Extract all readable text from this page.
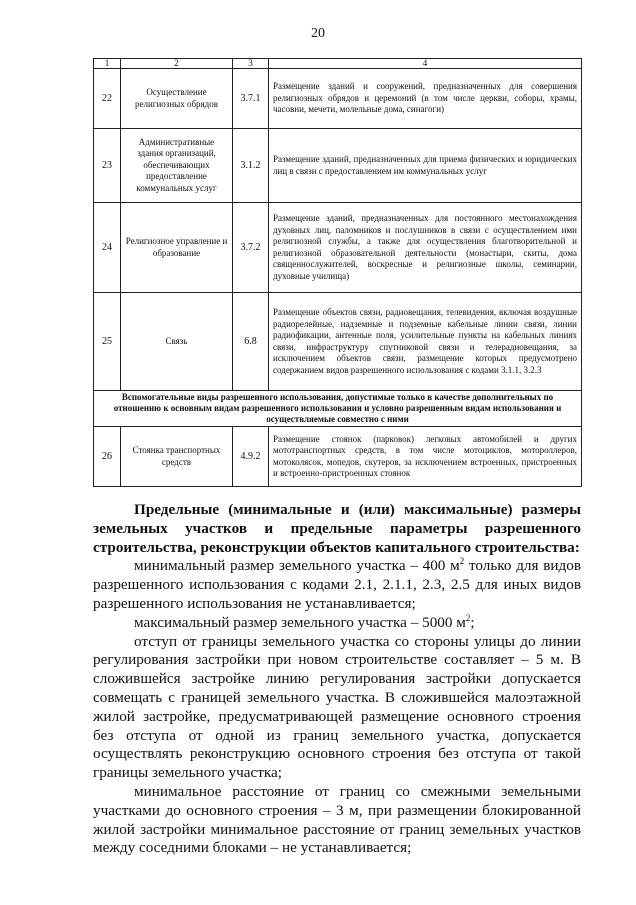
20
1	2	3	4
22	Осуществление религиозных обрядов	3.7.1	Размещение зданий и сооружений, предназначенных для совершения религиозных обрядов и церемоний (в том числе церкви, соборы, храмы, часовни, мечети, молельные дома, синагоги)
23	Административные здания организаций, обеспечивающих предоставление коммунальных услуг	3.1.2	Размещение зданий, предназначенных для приема физических и юридических лиц в связи с предоставлением им коммунальных услуг
24	Религиозное управление и образование	3.7.2	Размещение зданий, предназначенных для постоянного местонахождения духовных лиц, паломников и послушников в связи с осуществлением ими религиозной службы, а также для осуществления благотворительной и религиозной образовательной деятельности (монастыри, скиты, дома священнослужителей, воскресные и религиозные школы, семинарии, духовные училища)
25	Связь	6.8	Размещение объектов связи, радиовещания, телевидения, включая воздушные радиорелейные, надземные и подземные кабельные линии связи, линии радиофикации, антенные поля, усилительные пункты на кабельных линиях связи, инфраструктуру спутниковой связи и телерадиовещания, за исключением объектов связи, размещение которых предусмотрено содержанием видов разрешенного использования с кодами 3.1.1, 3.2.3
Вспомогательные виды разрешенного использования, допустимые только в качестве дополнительных по отношению к основным видам разрешенного использования и условно разрешенным видам использования и осуществляемые совместно с ними			
26	Стоянка транспортных средств	4.9.2	Размещение стоянок (парковок) легковых автомобилей и других мототранспортных средств, в том числе мотоциклов, мотороллеров, мотоколясок, мопедов, скутеров, за исключением встроенных, пристроенных и встроенно-пристроенных стоянок

Предельные (минимальные и (или) максимальные) размеры земельных участков и предельные параметры разрешенного строительства, реконструкции объектов капитального строительства:

минимальный размер земельного участка – 400 $м^2$ только для видов разрешенного использования с кодами 2.1, 2.1.1, 2.3, 2.5 для иных видов разрешенного использования не устанавливается;

максимальный размер земельного участка – 5000 $м^2$;

отступ от границы земельного участка со стороны улицы до линии регулирования застройки при новом строительстве составляет – 5 м. В сложившейся застройке линию регулирования застройки допускается совмещать с границей земельного участка. В сложившейся малоэтажной жилой застройке, предусматривающей размещение основного строения без отступа от одной из границ земельного участка, допускается осуществлять реконструкцию основного строения без отступа от такой границы земельного участка;

минимальное расстояние от границ со смежными земельными участками до основного строения – 3 м, при размещении блокированной жилой застройки минимальное расстояние от границ земельных участков между соседними блоками – не устанавливается;
